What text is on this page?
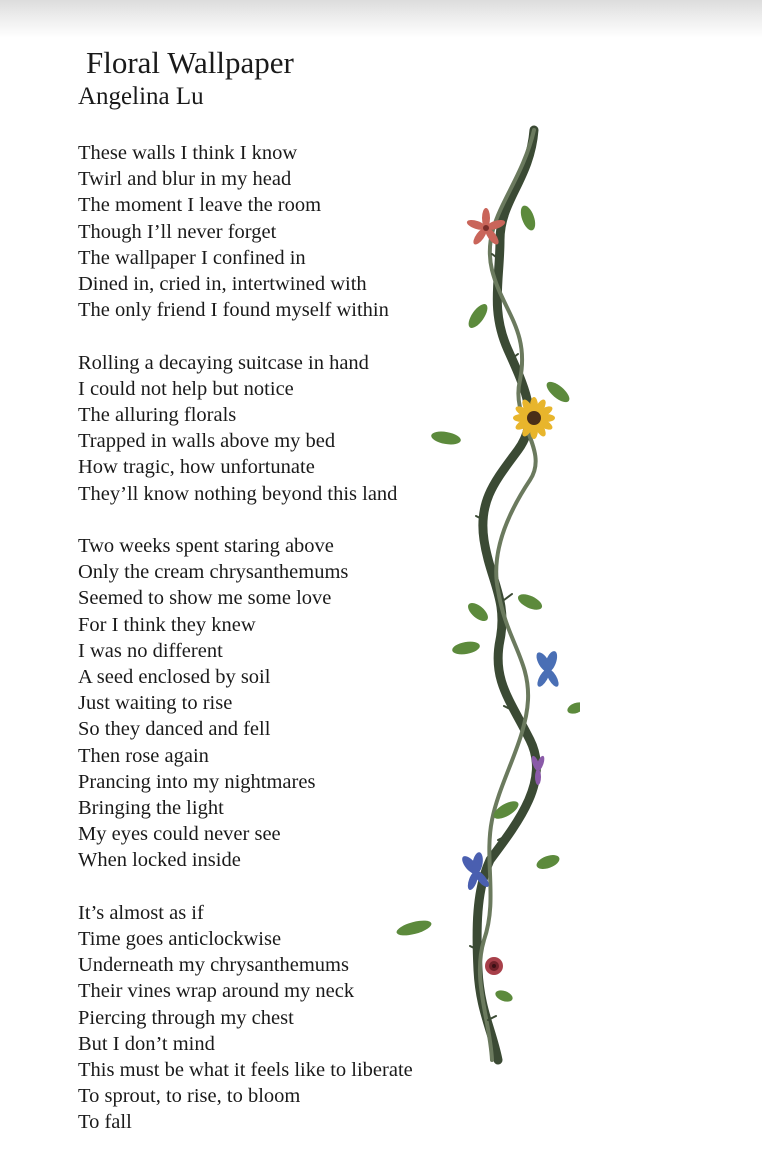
Floral Wallpaper
Angelina Lu
These walls I think I know
Twirl and blur in my head
The moment I leave the room
Though I’ll never forget
The wallpaper I confined in
Dined in, cried in, intertwined with
The only friend I found myself within
Rolling a decaying suitcase in hand
I could not help but notice
The alluring florals
Trapped in walls above my bed
How tragic, how unfortunate
They’ll know nothing beyond this land
Two weeks spent staring above
Only the cream chrysanthemums
Seemed to show me some love
For I think they knew
I was no different
A seed enclosed by soil
Just waiting to rise
So they danced and fell
Then rose again
Prancing into my nightmares
Bringing the light
My eyes could never see
When locked inside
It’s almost as if
Time goes anticlockwise
Underneath my chrysanthemums
Their vines wrap around my neck
Piercing through my chest
But I don’t mind
This must be what it feels like to liberate
To sprout, to rise, to bloom
To fall
